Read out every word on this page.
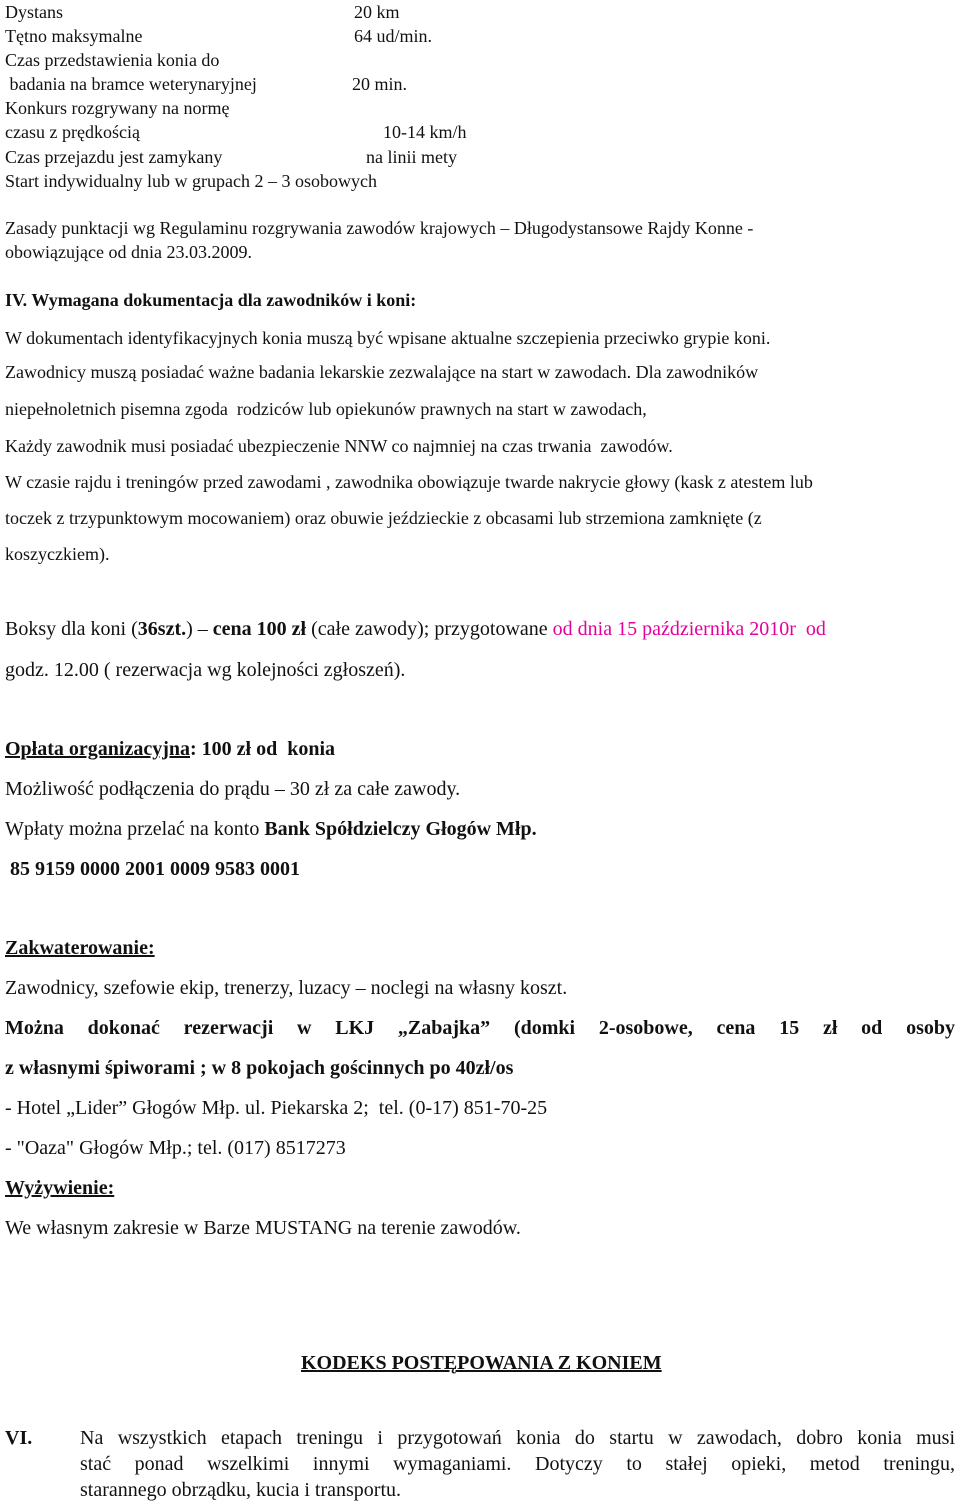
Dystans	20 km
Tętno maksymalne	64 ud/min.
Czas przedstawienia konia do
badania na bramce weterynaryjnej	20 min.
Konkurs rozgrywany na normę
czasu z prędkością	10-14 km/h
Czas przejazdu jest zamykany	na linii mety
Start indywidualny lub w grupach 2 – 3 osobowych
Zasady punktacji wg Regulaminu rozgrywania zawodów krajowych – Długodystansowe Rajdy Konne -
obowiązujące od dnia 23.03.2009.
IV. Wymagana dokumentacja dla zawodników i koni:
W dokumentach identyfikacyjnych konia muszą być wpisane aktualne szczepienia przeciwko grypie koni.
Zawodnicy muszą posiadać ważne badania lekarskie zezwalające na start w zawodach. Dla zawodników
niepełnoletnich pisemna zgoda  rodziców lub opiekunów prawnych na start w zawodach,
Każdy zawodnik musi posiadać ubezpieczenie NNW co najmniej na czas trwania  zawodów.
W czasie rajdu i treningów przed zawodami , zawodnika obowiązuje twarde nakrycie głowy (kask z atestem lub
toczek z trzypunktowym mocowaniem) oraz obuwie jeździeckie z obcasami lub strzemiona zamknięte (z
koszyczkiem).
Boksy dla koni (36szt.) – cena 100 zł (całe zawody); przygotowane od dnia 15 października 2010r  od
godz. 12.00 ( rezerwacja wg kolejności zgłoszeń).
Opłata organizacyjna: 100 zł od  konia
Możliwość podłączenia do prądu – 30 zł za całe zawody.
Wpłaty można przelać na konto Bank Spółdzielczy Głogów Młp.
85 9159 0000 2001 0009 9583 0001
Zakwaterowanie:
Zawodnicy, szefowie ekip, trenerzy, luzacy – noclegi na własny koszt.
Można dokonać rezerwacji w LKJ „Zabajka” (domki 2-osobowe, cena 15 zł od osoby
z własnymi śpiworami ; w 8 pokojach gościnnych po 40zł/os
- Hotel „Lider” Głogów Młp. ul. Piekarska 2;  tel. (0-17) 851-70-25
- "Oaza" Głogów Młp.; tel. (017) 8517273
Wyżywienie:
We własnym zakresie w Barze MUSTANG na terenie zawodów.
KODEKS POSTĘPOWANIA Z KONIEM
VI. Na wszystkich etapach treningu i przygotowań konia do startu w zawodach, dobro konia musi
stać ponad wszelkimi innymi wymaganiami. Dotyczy to stałej opieki, metod treningu,
starannego obrządku, kucia i transportu.
